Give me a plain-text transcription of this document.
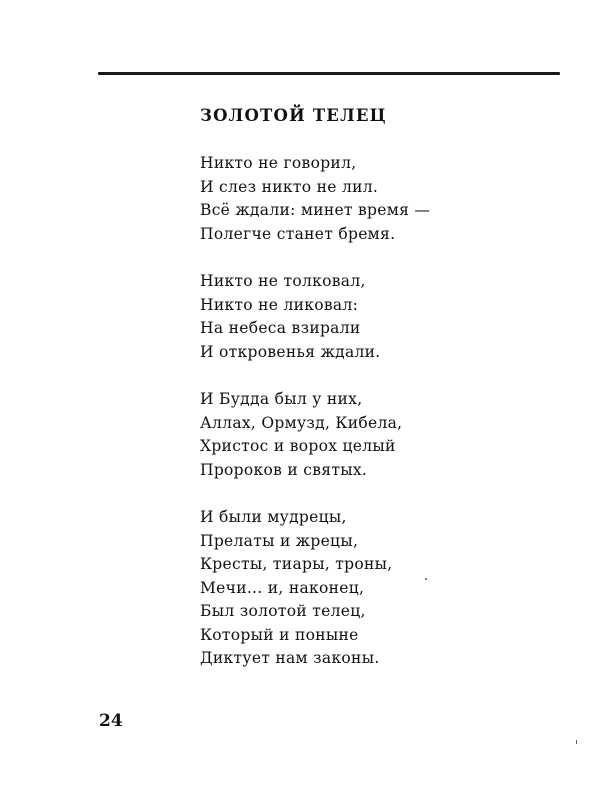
ЗОЛОТОЙ ТЕЛЕЦ
Никто не говорил,
И слез никто не лил.
Всё ждали: минет время —
Полегче станет бремя.
Никто не толковал,
Никто не ликовал:
На небеса взирали
И откровенья ждали.
И Будда был у них,
Аллах, Ормузд, Кибела,
Христос и ворох целый
Пророков и святых.
И были мудрецы,
Прелаты и жрецы,
Кресты, тиары, троны,
Мечи... и, наконец,
Был золотой телец,
Который и поныне
Диктует нам законы.
24
